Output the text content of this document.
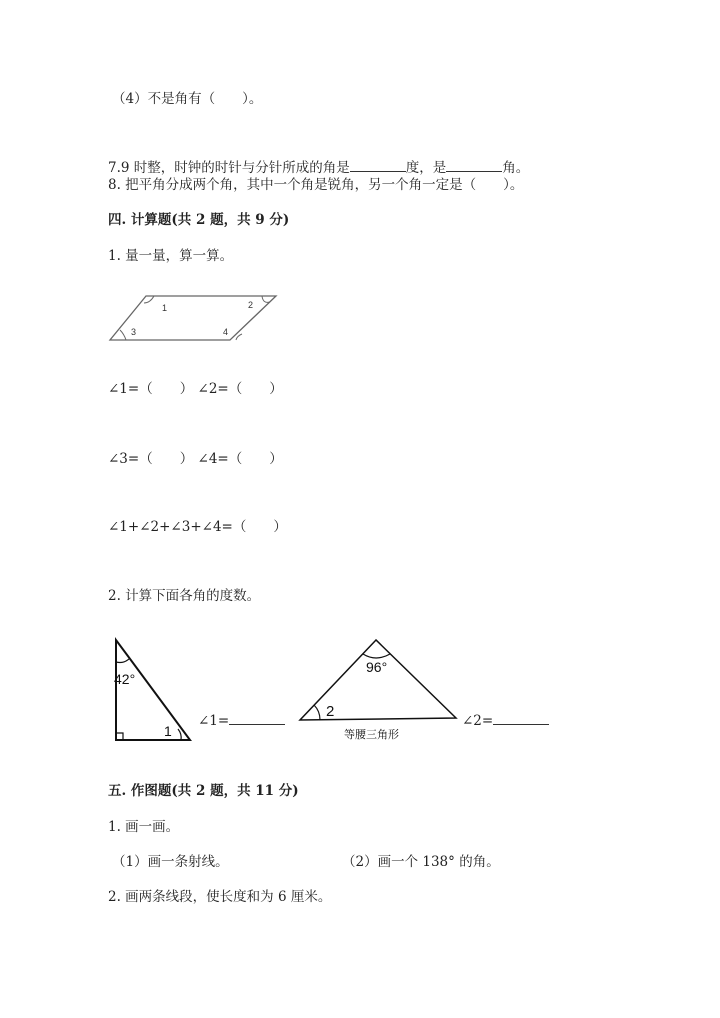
（4）不是角有（　　）。
7.9 时整，时钟的时针与分针所成的角是	度，是	角。
8. 把平角分成两个角，其中一个角是锐角，另一个角一定是（　　）。
四. 计算题(共 2 题，共 9 分)
1. 量一量，算一算。
1	2
3	4
∠1=（　　） ∠2=（　　）
∠3=（　　） ∠4=（　　）
∠1+∠2+∠3+∠4=（　　）
2. 计算下面各角的度数。
42°
1
∠1=
96°
2
等腰三角形
∠2=
五. 作图题(共 2 题，共 11 分)
1. 画一画。
（1）画一条射线。	（2）画一个 138° 的角。
2. 画两条线段，使长度和为 6 厘米。
